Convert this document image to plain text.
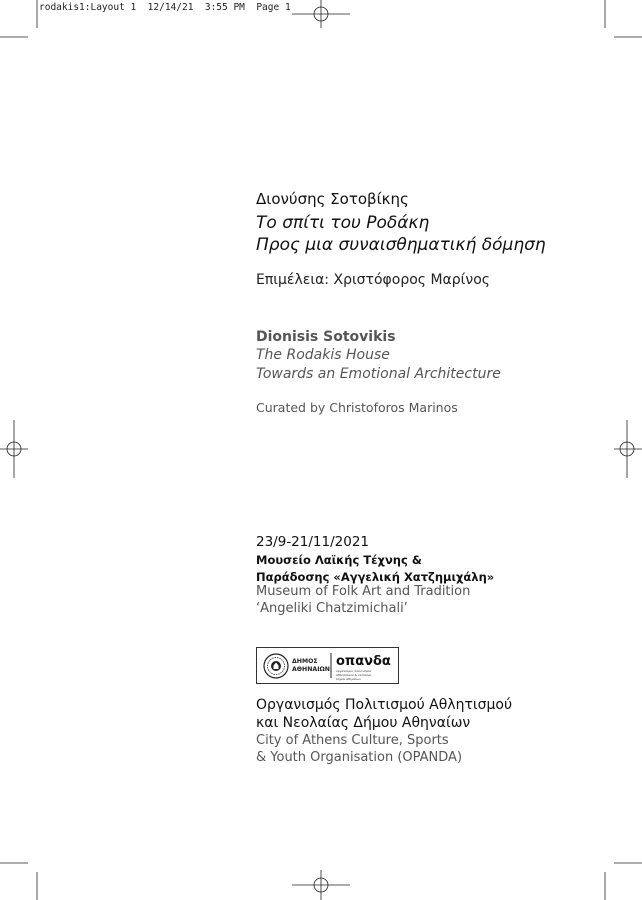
rodakis1:Layout 1  12/14/21  3:55 PM  Page 1
Διονύσης Σοτοβίκης
Το σπίτι του Ροδάκη
Προς μια συναισθηματική δόμηση
Επιμέλεια: Χριστόφορος Μαρίνος
Dionisis Sotovikis
The Rodakis House
Towards an Emotional Architecture
Curated by Christoforos Marinos
23/9-21/11/2021
Μουσείο Λαϊκής Τέχνης &
Παράδοσης «Αγγελική Χατζημιχάλη»
Museum of Folk Art and Tradition
‘Angeliki Chatzimichali’
ΔΗΜΟΣ
ΑΘΗΝΑΙΩΝ
οπανδα
οργανισμός πολιτισμού
αθλητισμού & νεολαίας
δήμου αθηναίων
Οργανισμός Πολιτισμού Αθλητισμού
και Νεολαίας Δήμου Αθηναίων
City of Athens Culture, Sports
& Youth Organisation (OPANDA)
